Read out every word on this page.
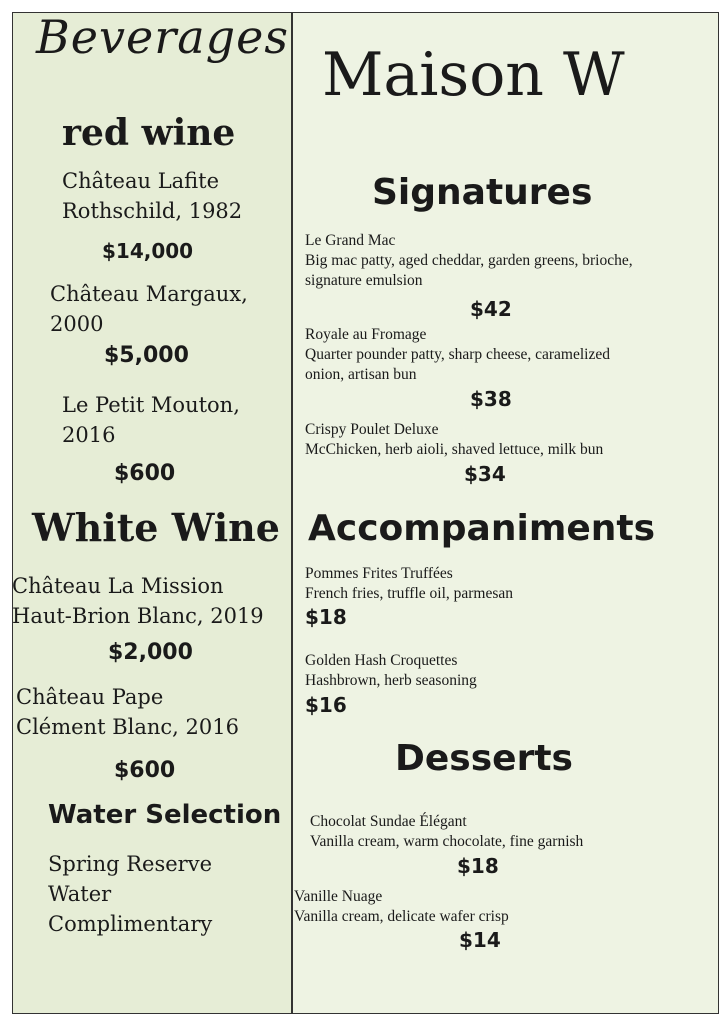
Beverages
red wine
Château Lafite
Rothschild, 1982
$14,000
Château Margaux,
2000
$5,000
Le Petit Mouton,
2016
$600
White Wine
Château La Mission
Haut-Brion Blanc, 2019
$2,000
Château Pape
Clément Blanc, 2016
$600
Water Selection
Spring Reserve
Water
Complimentary
Maison W
Signatures
Le Grand Mac
Big mac patty, aged cheddar, garden greens, brioche,
signature emulsion
$42
Royale au Fromage
Quarter pounder patty, sharp cheese, caramelized
onion, artisan bun
$38
Crispy Poulet Deluxe
McChicken, herb aioli, shaved lettuce, milk bun
$34
Accompaniments
Pommes Frites Truffées
French fries, truffle oil, parmesan
$18
Golden Hash Croquettes
Hashbrown, herb seasoning
$16
Desserts
Chocolat Sundae Élégant
Vanilla cream, warm chocolate, fine garnish
$18
Vanille Nuage
Vanilla cream, delicate wafer crisp
$14
